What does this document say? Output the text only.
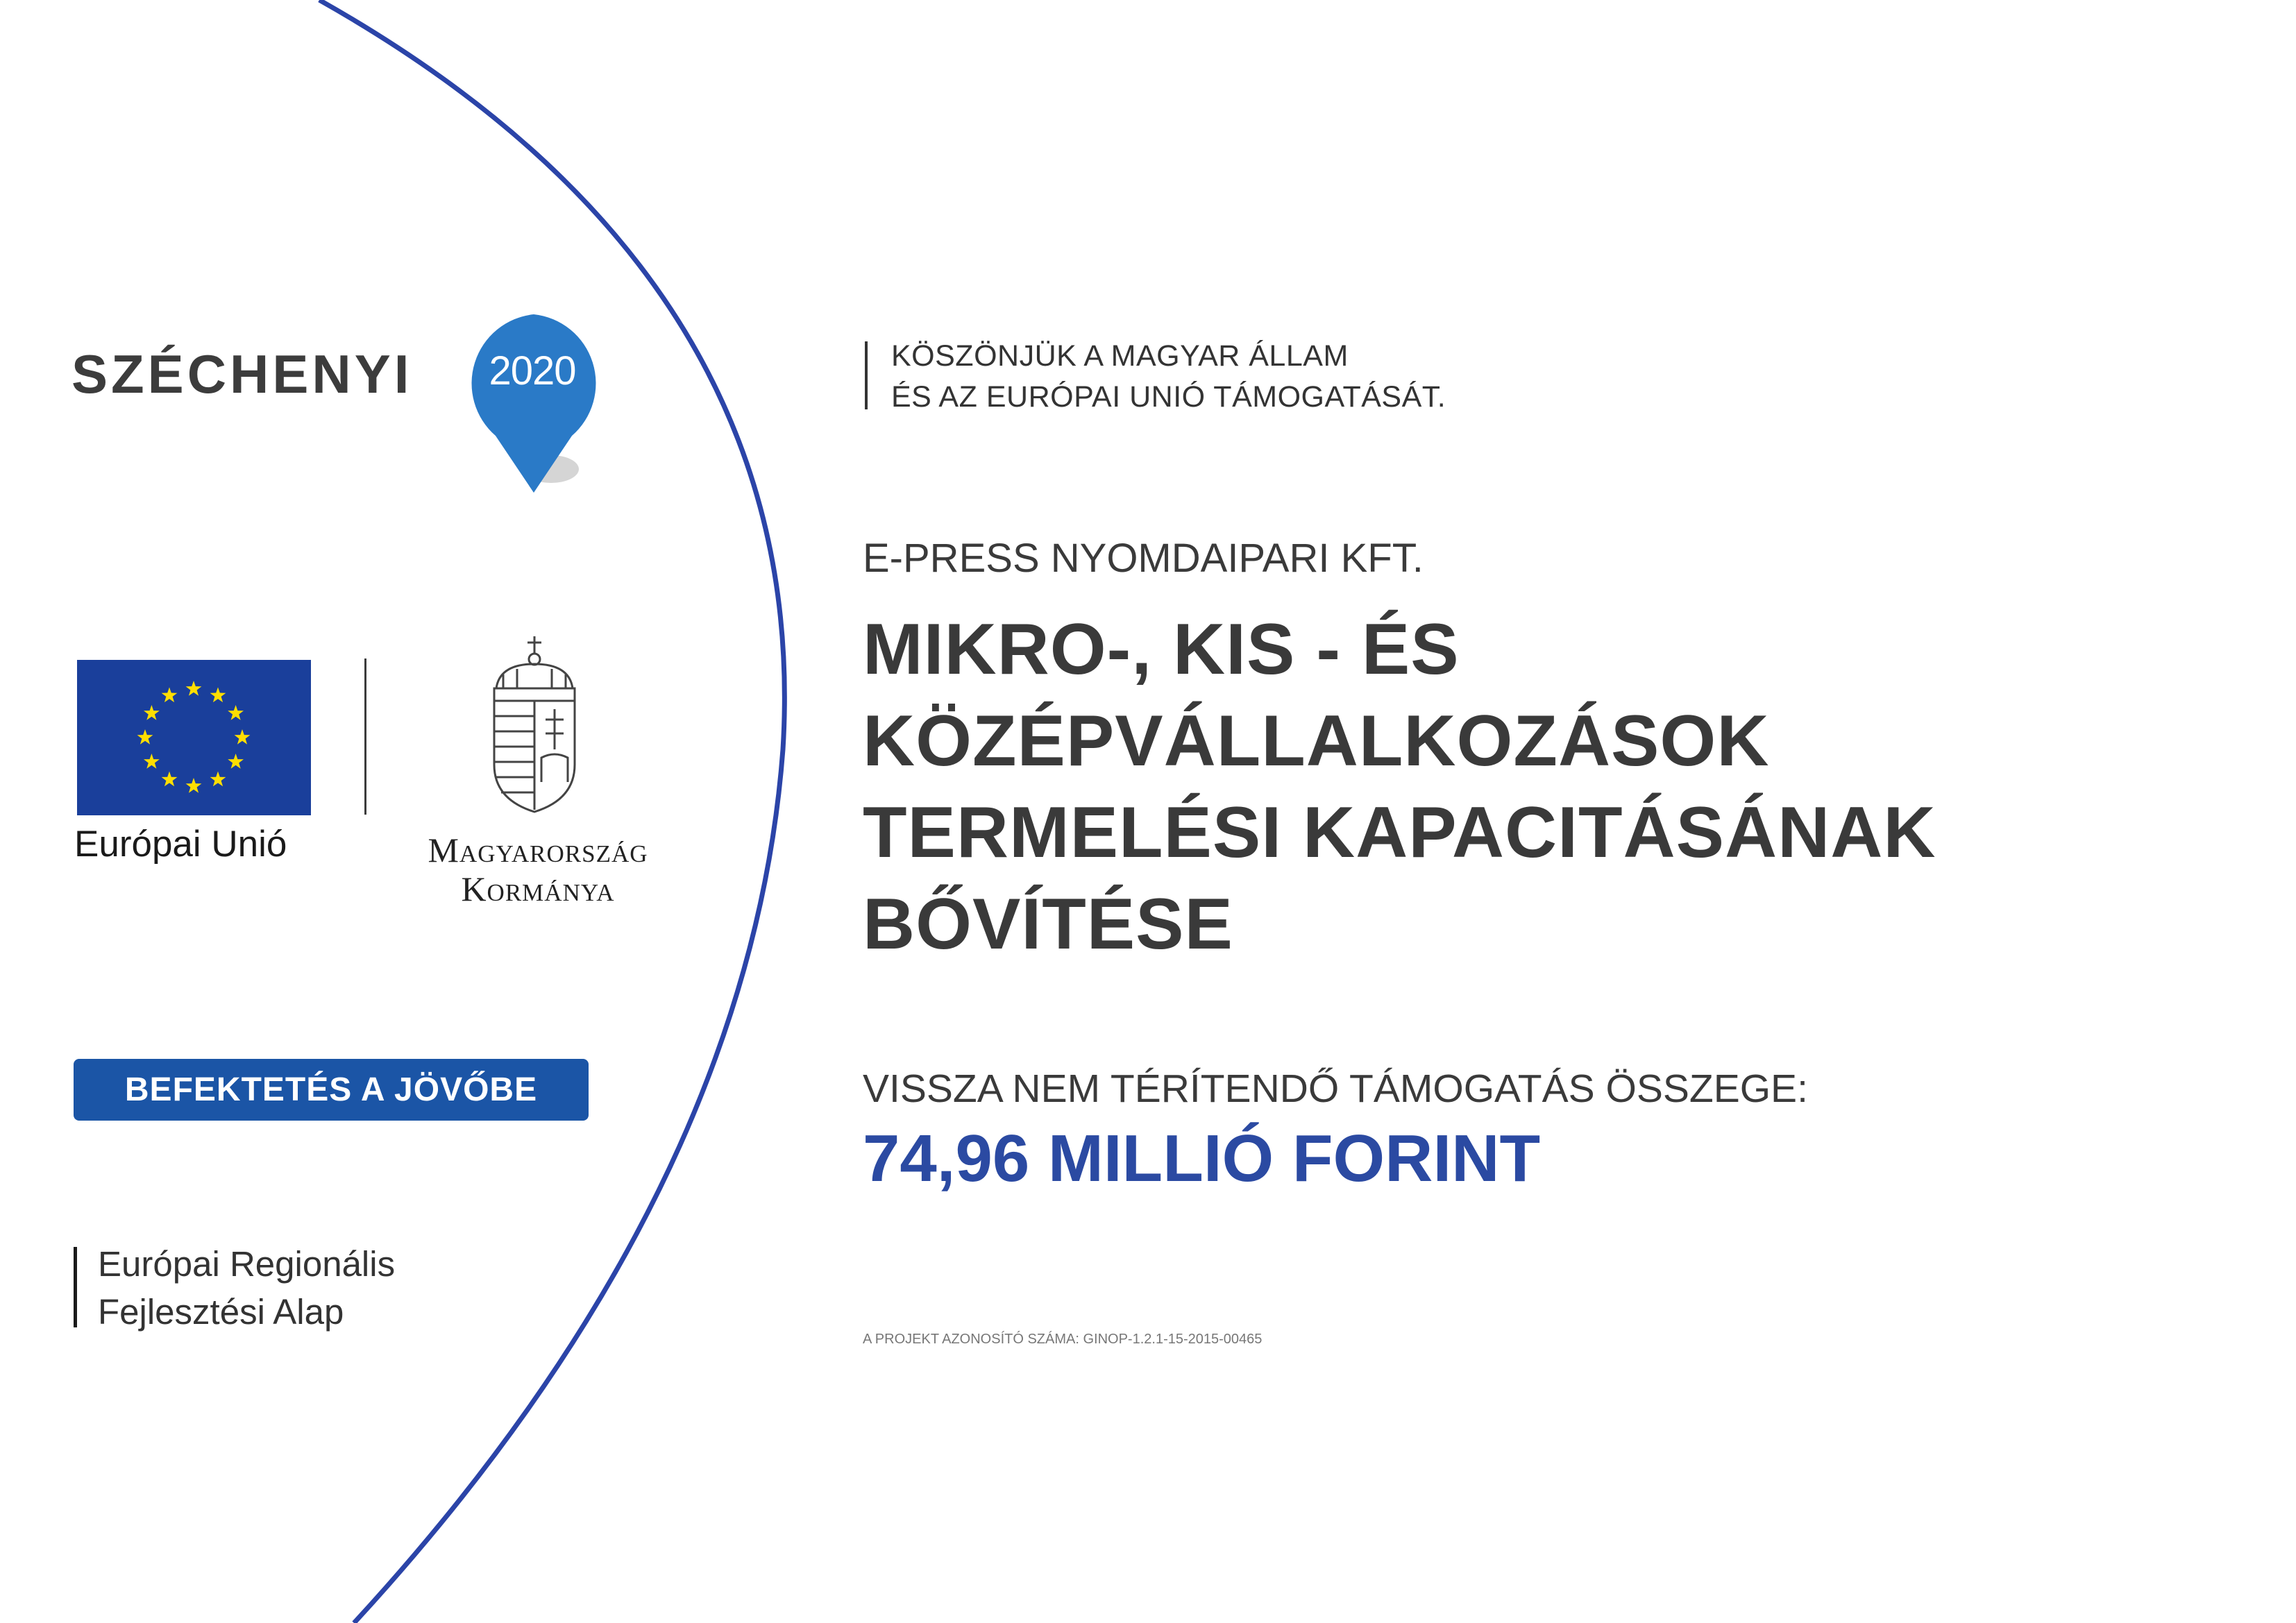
SZÉCHENYI	2020
Európai Unió	Magyarország
Kormánya
BEFEKTETÉS A JÖVŐBE
Európai Regionális
Fejlesztési Alap
KÖSZÖNJÜK A MAGYAR ÁLLAM
ÉS AZ EURÓPAI UNIÓ TÁMOGATÁSÁT.
E-PRESS NYOMDAIPARI KFT.
MIKRO-, KIS - ÉS
KÖZÉPVÁLLALKOZÁSOK
TERMELÉSI KAPACITÁSÁNAK
BŐVÍTÉSE
VISSZA NEM TÉRÍTENDŐ TÁMOGATÁS ÖSSZEGE:
74,96 MILLIÓ FORINT
A PROJEKT AZONOSÍTÓ SZÁMA: GINOP-1.2.1-15-2015-00465
